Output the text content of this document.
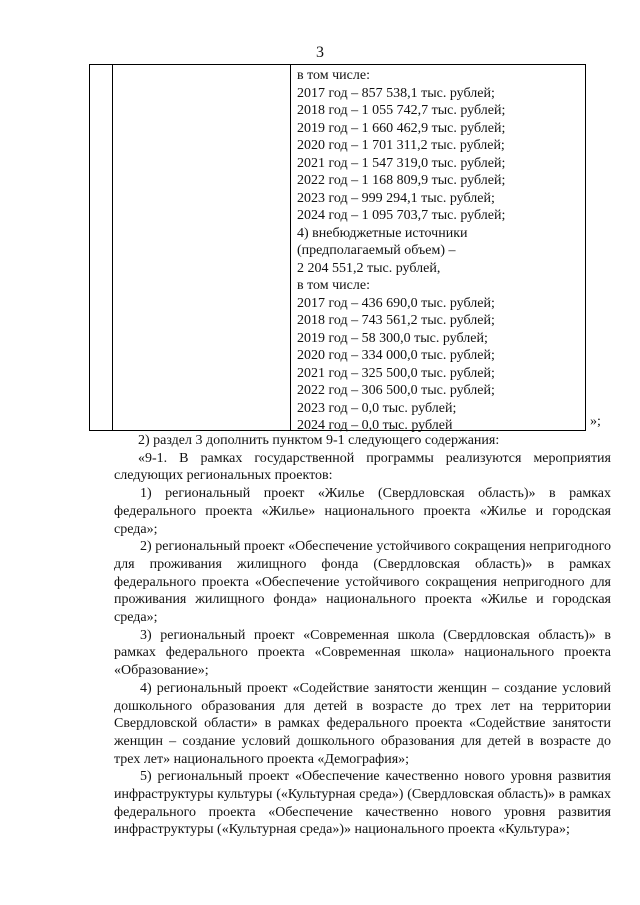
3
в том числе:
2017 год – 857 538,1 тыс. рублей;
2018 год – 1 055 742,7 тыс. рублей;
2019 год – 1 660 462,9 тыс. рублей;
2020 год – 1 701 311,2 тыс. рублей;
2021 год – 1 547 319,0 тыс. рублей;
2022 год – 1 168 809,9 тыс. рублей;
2023 год – 999 294,1 тыс. рублей;
2024 год – 1 095 703,7 тыс. рублей;
4) внебюджетные источники
(предполагаемый объем) –
2 204 551,2 тыс. рублей,
в том числе:
2017 год – 436 690,0 тыс. рублей;
2018 год – 743 561,2 тыс. рублей;
2019 год – 58 300,0 тыс. рублей;
2020 год – 334 000,0 тыс. рублей;
2021 год – 325 500,0 тыс. рублей;
2022 год – 306 500,0 тыс. рублей;
2023 год – 0,0 тыс. рублей;
2024 год – 0,0 тыс. рублей	»;

2) раздел 3 дополнить пунктом 9-1 следующего содержания:

«9-1. В рамках государственной программы реализуются мероприятия следующих региональных проектов:

1) региональный проект «Жилье (Свердловская область)» в рамках федерального проекта «Жилье» национального проекта «Жилье и городская среда»;

2) региональный проект «Обеспечение устойчивого сокращения непригодного для проживания жилищного фонда (Свердловская область)» в рамках федерального проекта «Обеспечение устойчивого сокращения непригодного для проживания жилищного фонда» национального проекта «Жилье и городская среда»;

3) региональный проект «Современная школа (Свердловская область)» в рамках федерального проекта «Современная школа» национального проекта «Образование»;

4) региональный проект «Содействие занятости женщин – создание условий дошкольного образования для детей в возрасте до трех лет на территории Свердловской области» в рамках федерального проекта «Содействие занятости женщин – создание условий дошкольного образования для детей в возрасте до трех лет» национального проекта «Демография»;

5) региональный проект «Обеспечение качественно нового уровня развития инфраструктуры культуры («Культурная среда») (Свердловская область)» в рамках федерального проекта «Обеспечение качественно нового уровня развития инфраструктуры («Культурная среда»)» национального проекта «Культура»;
